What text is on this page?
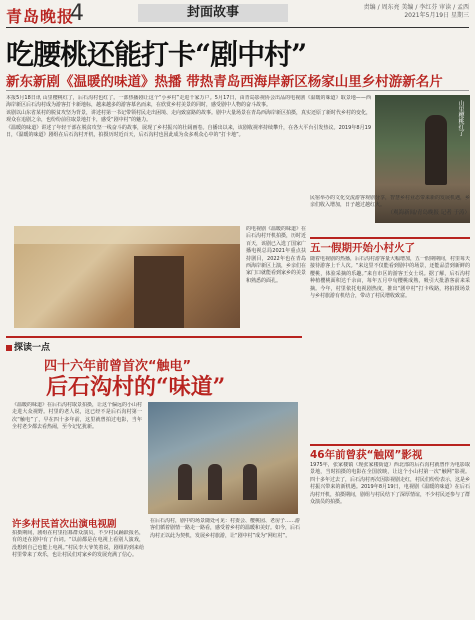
青岛晚报
4	封面故事	责编 / 周东亮 美编 / 李红芬 审读 / 孟西
2021年5月19日 星期三
吃腰桃还能打卡“剧中村”
新东新剧《温暖的味道》热播 带热青岛西海岸新区杨家山里乡村游新名片
本报5月18日讯 山里樱桃红了，后石沟村也红了。一部热播剧让这个“小乡村”走进千家万户。5月17日，由青岛影视协会出品的电视剧《温暖的味道》取景地——西海岸新区后石沟村成为游客打卡新地标，越来越多的游客慕名而来，在欣赏乡村美景的同时，感受剧中人物的奋斗故事。
该剧以山东省某村的脱贫攻坚为背景，讲述村第一书记带领村民走出困境、走向致富路的故事。剧中大量场景在青岛西海岸新区拍摄，真实还原了新时代乡村的变化，观众在追剧之余，也纷纷前往取景地打卡，感受“剧中村”的魅力。
《温暖的味道》讲述了年轻干部在脱贫攻坚一线奋斗的故事，展现了乡村振兴的壮阔画卷。自播出以来，该剧收视率持续攀升，在各大平台引发热议。2019年8月19日，《温暖的味道》剧组在后石沟村开机，拍摄历时近百天，后石沟村也因此成为众多观众心中的“打卡地”。	山里樱桃红了
的电视剧《温暖的味道》在后石沟村开机拍摄，历时近百天，该剧已入选了国家广播电视总局2021年重点扶持剧目，2022年也在青岛西海岸新区上演，乡亲们在家门口就能看到家乡的美景和熟悉的面孔。
民宿举办的文化交流游客观剧分享，智慧乡村业态带来新的发展机遇，乡亲们收入增加，日子越过越红火。
（观海新闻/青岛晚报 记者 于涛）
五一假期开始小村火了
随着电视剧的热播，后石沟村游客量大幅增加，五一假期期间，村里每天接待游客上千人次。“来这里不仅能看到剧中的场景，还能品尝到新鲜的樱桃，体验采摘的乐趣。”来自市区的游客王女士说。据了解，后石沟村种植樱桃面积达千余亩，每年五月中旬樱桃成熟，吸引大批游客前来采摘。今年，村里依托电视剧热度，推出“剧中村”打卡线路，将拍摄场景与乡村旅游有机结合，带动了村民增收致富。
46年前曾获“触网”影视
1975年，张家楼镇（现张家楼街道）西北部的后石沟村就曾作为电影取景地，当时拍摄的电影在全国放映，让这个小山村第一次“触网”影视。四十多年过去了，后石沟村再次因影视剧走红，村民们纷纷表示，这是乡村振兴带来的新机遇。2019年8月19日，电视剧《温暖的味道》在后石沟村开机，拍摄期间，剧组与村民结下了深厚情谊，不少村民还参与了群众演员的拍摄。
探读一点
四十六年前曾首次“触电”
后石沟村的“味道”
《温暖的味道》在后石沟村取景拍摄，让这个偏远的小山村走进大众视野。村里的老人说，这已经不是后石沟村第一次“触电”了，早在四十多年前，这里就曾拍过电影，当年全村老少都去看热闹，至今记忆犹新。
许多村民首次出演电视剧
拍摄期间，剧组在村里招募群众演员，不少村民踊跃报名，有的还在剧中有了台词。“以前都是在电视上看别人演戏，没想到自己也能上电视。”村民李大爷笑着说，剧组的到来给村里带来了欢乐，也让村民们对家乡的发展充满了信心。
在后石沟村，剧中的场景随处可见：村委会、樱桃园、老房子……游客们循着剧情一路走一路看，感受着乡村的温暖和美好。如今，后石沟村正以此为契机，发展乡村旅游，让“剧中村”成为“网红村”。
